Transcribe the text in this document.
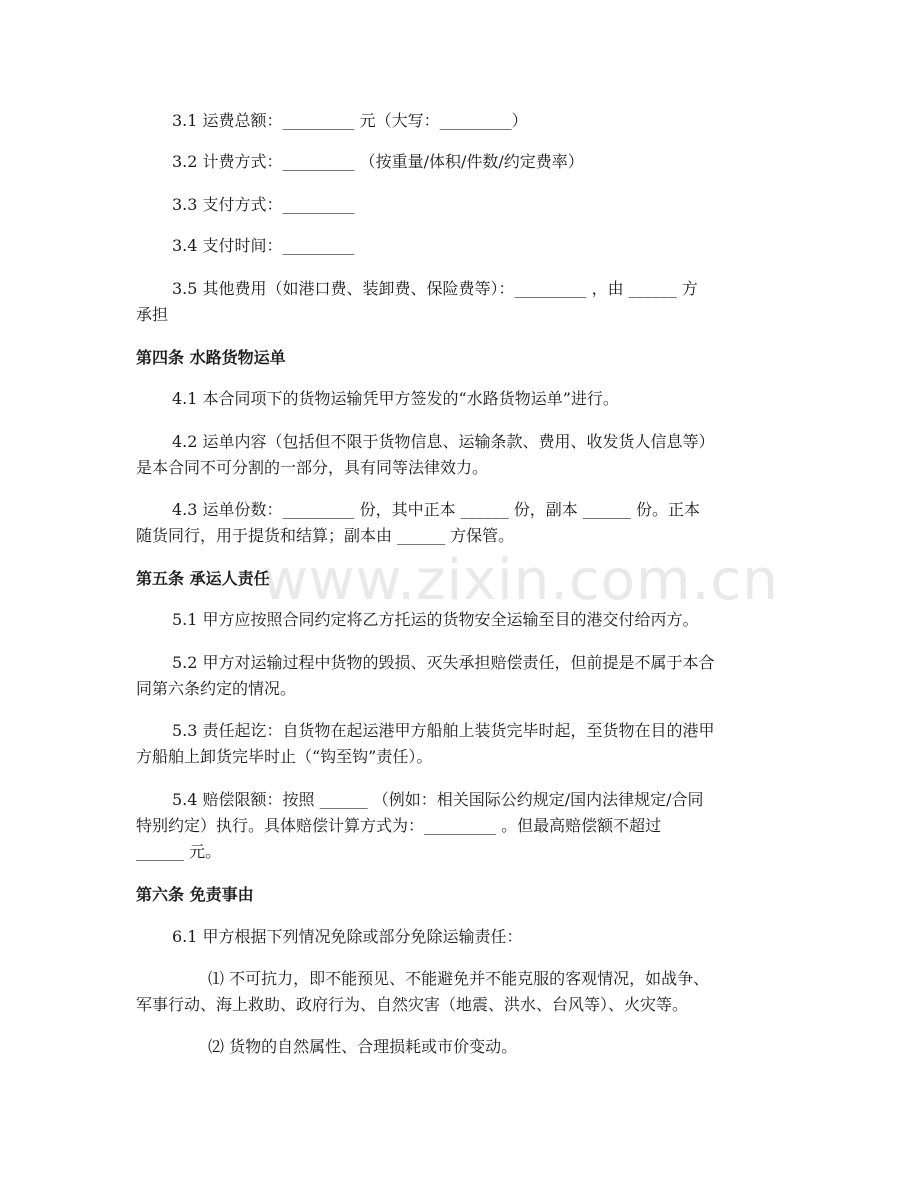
www.zixin.com.cn
3.1 运费总额：_________ 元（大写：_________）
3.2 计费方式：_________ （按重量/体积/件数/约定费率）
3.3 支付方式：_________
3.4 支付时间：_________
3.5 其他费用（如港口费、装卸费、保险费等）：_________ ，由 ______ 方
承担
第四条 水路货物运单
4.1 本合同项下的货物运输凭甲方签发的“水路货物运单”进行。
4.2 运单内容（包括但不限于货物信息、运输条款、费用、收发货人信息等）
是本合同不可分割的一部分，具有同等法律效力。
4.3 运单份数：_________ 份，其中正本 ______ 份，副本 ______ 份。正本
随货同行，用于提货和结算；副本由 ______ 方保管。
第五条 承运人责任
5.1 甲方应按照合同约定将乙方托运的货物安全运输至目的港交付给丙方。
5.2 甲方对运输过程中货物的毁损、灭失承担赔偿责任，但前提是不属于本合
同第六条约定的情况。
5.3 责任起讫：自货物在起运港甲方船舶上装货完毕时起，至货物在目的港甲
方船舶上卸货完毕时止（“钩至钩”责任）。
5.4 赔偿限额：按照 ______ （例如：相关国际公约规定/国内法律规定/合同
特别约定）执行。具体赔偿计算方式为：_________ 。但最高赔偿额不超过
______ 元。
第六条 免责事由
6.1 甲方根据下列情况免除或部分免除运输责任：
⑴ 不可抗力，即不能预见、不能避免并不能克服的客观情况，如战争、
军事行动、海上救助、政府行为、自然灾害（地震、洪水、台风等）、火灾等。
⑵ 货物的自然属性、合理损耗或市价变动。
